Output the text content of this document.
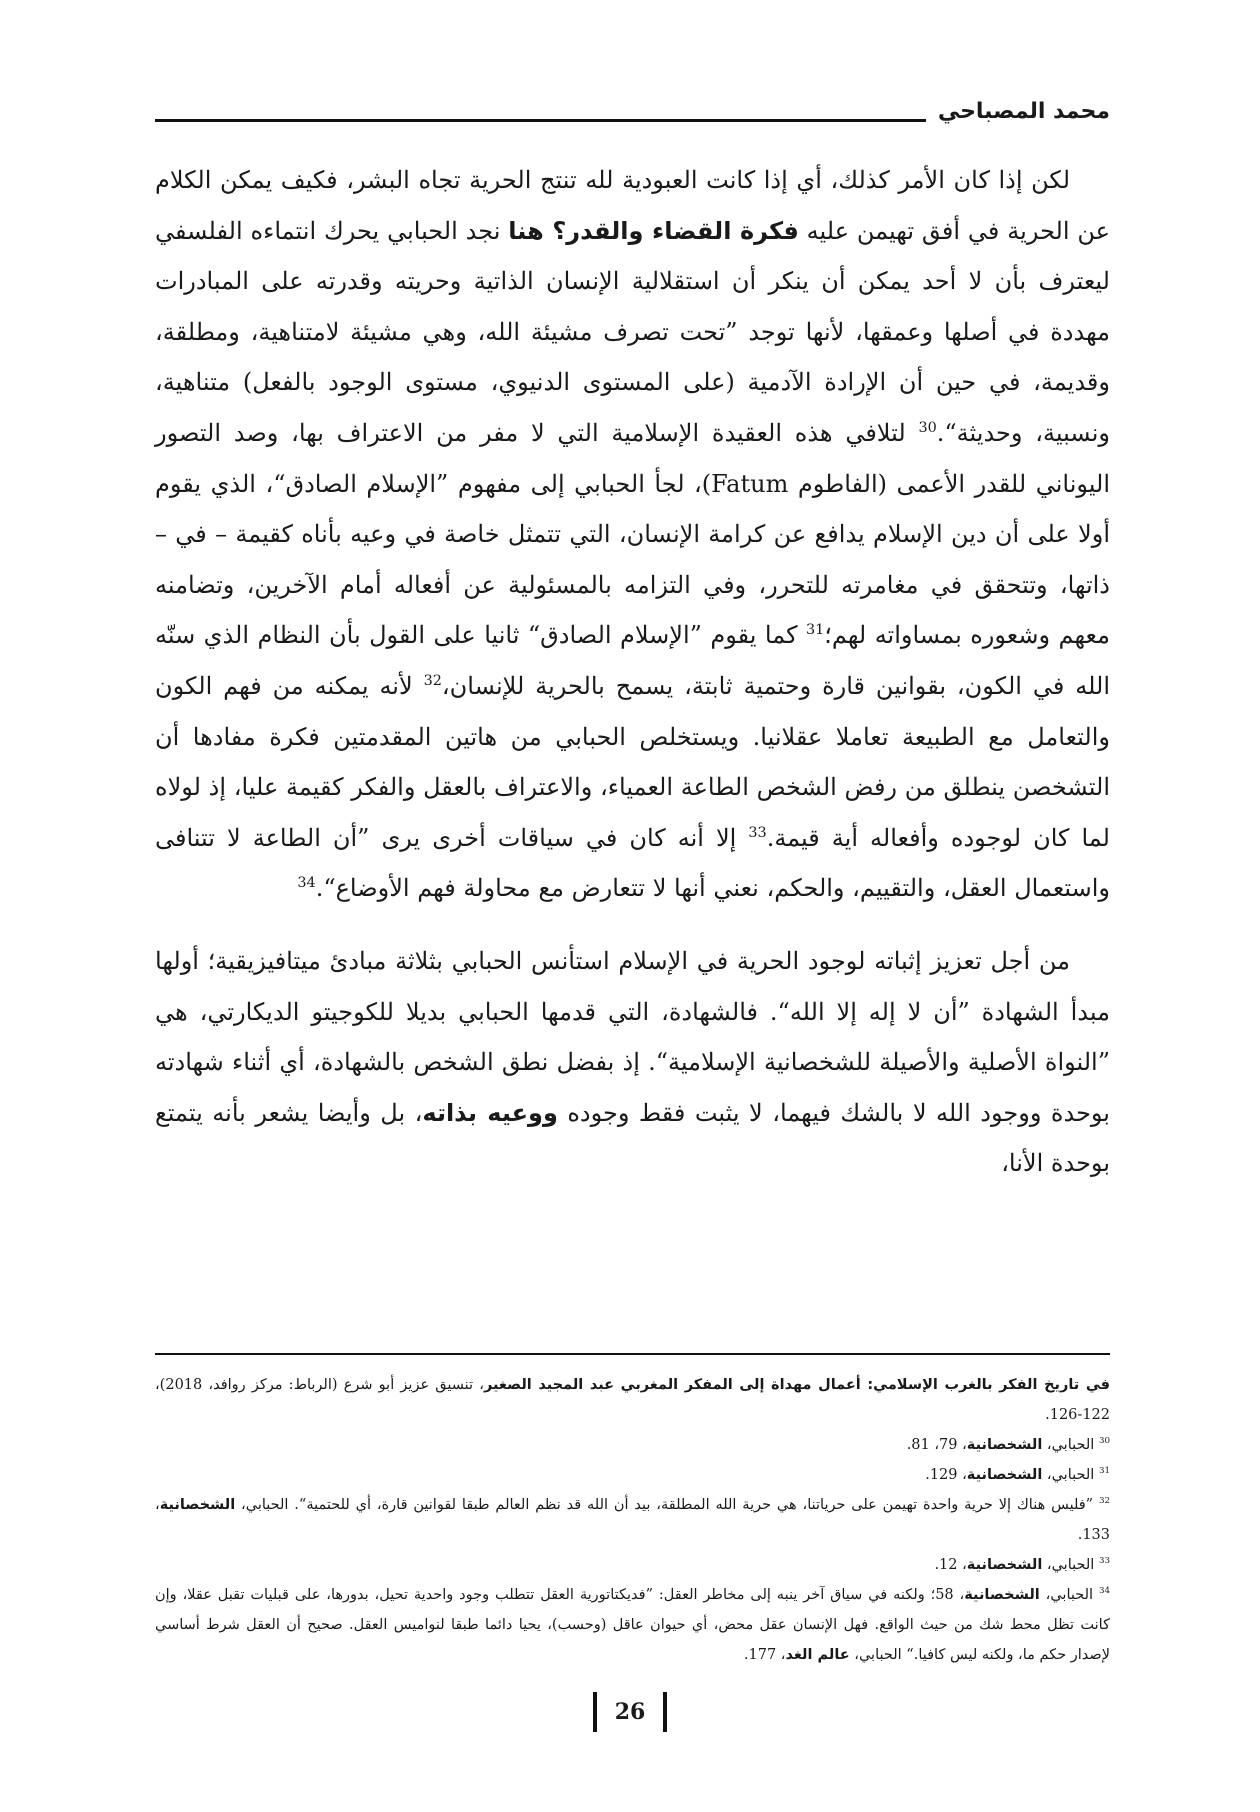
محمد المصباحي

لكن إذا كان الأمر كذلك، أي إذا كانت العبودية لله تنتج الحرية تجاه البشر، فكيف يمكن الكلام عن الحرية في أفق تهيمن عليه فكرة القضاء والقدر؟ هنا نجد الحبابي يحرك انتماءه الفلسفي ليعترف بأن لا أحد يمكن أن ينكر أن استقلالية الإنسان الذاتية وحريته وقدرته على المبادرات مهددة في أصلها وعمقها، لأنها توجد ”تحت تصرف مشيئة الله، وهي مشيئة لامتناهية، ومطلقة، وقديمة، في حين أن الإرادة الآدمية (على المستوى الدنيوي، مستوى الوجود بالفعل) متناهية، ونسبية، وحديثة“.$^{30}$ لتلافي هذه العقيدة الإسلامية التي لا مفر من الاعتراف بها، وصد التصور اليوناني للقدر الأعمى (الفاطوم Fatum)، لجأ الحبابي إلى مفهوم ”الإسلام الصادق“، الذي يقوم أولا على أن دين الإسلام يدافع عن كرامة الإنسان، التي تتمثل خاصة في وعيه بأناه كقيمة – في – ذاتها، وتتحقق في مغامرته للتحرر، وفي التزامه بالمسئولية عن أفعاله أمام الآخرين، وتضامنه معهم وشعوره بمساواته لهم؛$^{31}$ كما يقوم ”الإسلام الصادق“ ثانيا على القول بأن النظام الذي سنّه الله في الكون، بقوانين قارة وحتمية ثابتة، يسمح بالحرية للإنسان،$^{32}$ لأنه يمكنه من فهم الكون والتعامل مع الطبيعة تعاملا عقلانيا. ويستخلص الحبابي من هاتين المقدمتين فكرة مفادها أن التشخصن ينطلق من رفض الشخص الطاعة العمياء، والاعتراف بالعقل والفكر كقيمة عليا، إذ لولاه لما كان لوجوده وأفعاله أية قيمة.$^{33}$ إلا أنه كان في سياقات أخرى يرى ”أن الطاعة لا تتنافى واستعمال العقل، والتقييم، والحكم، نعني أنها لا تتعارض مع محاولة فهم الأوضاع“.$^{34}$

من أجل تعزيز إثباته لوجود الحرية في الإسلام استأنس الحبابي بثلاثة مبادئ ميتافيزيقية؛ أولها مبدأ الشهادة ”أن لا إله إلا الله“. فالشهادة، التي قدمها الحبابي بديلا للكوجيتو الديكارتي، هي ”النواة الأصلية والأصيلة للشخصانية الإسلامية“. إذ بفضل نطق الشخص بالشهادة، أي أثناء شهادته بوحدة ووجود الله لا بالشك فيهما، لا يثبت فقط وجوده ووعيه بذاته، بل وأيضا يشعر بأنه يتمتع بوحدة الأنا،

في تاريخ الفكر بالغرب الإسلامي: أعمال مهداة إلى المفكر المغربي عبد المجيد الصغير، تنسيق عزيز أبو شرع (الرباط: مركز روافد، 2018)، 122-126.

$^{30}$ الحبابي، الشخصانية، 79، 81.

$^{31}$ الحبابي، الشخصانية، 129.

$^{32}$ ”فليس هناك إلا حرية واحدة تهيمن على حرياتنا، هي حرية الله المطلقة، بيد أن الله قد نظم العالم طبقا لقوانين قارة، أي للحتمية“. الحبابي، الشخصانية، 133.

$^{33}$ الحبابي، الشخصانية، 12.

$^{34}$ الحبابي، الشخصانية، 58؛ ولكنه في سياق آخر ينبه إلى مخاطر العقل: ”فديكتاتورية العقل تتطلب وجود واحدية تحيل، بدورها، على قبليات تقبل عقلا، وإن كانت تظل محط شك من حيث الواقع. فهل الإنسان عقل محض، أي حيوان عاقل (وحسب)، يحيا دائما طبقا لنواميس العقل. صحيح أن العقل شرط أساسي لإصدار حكم ما، ولكنه ليس كافيا.“ الحبابي، عالم الغد، 177.

26
